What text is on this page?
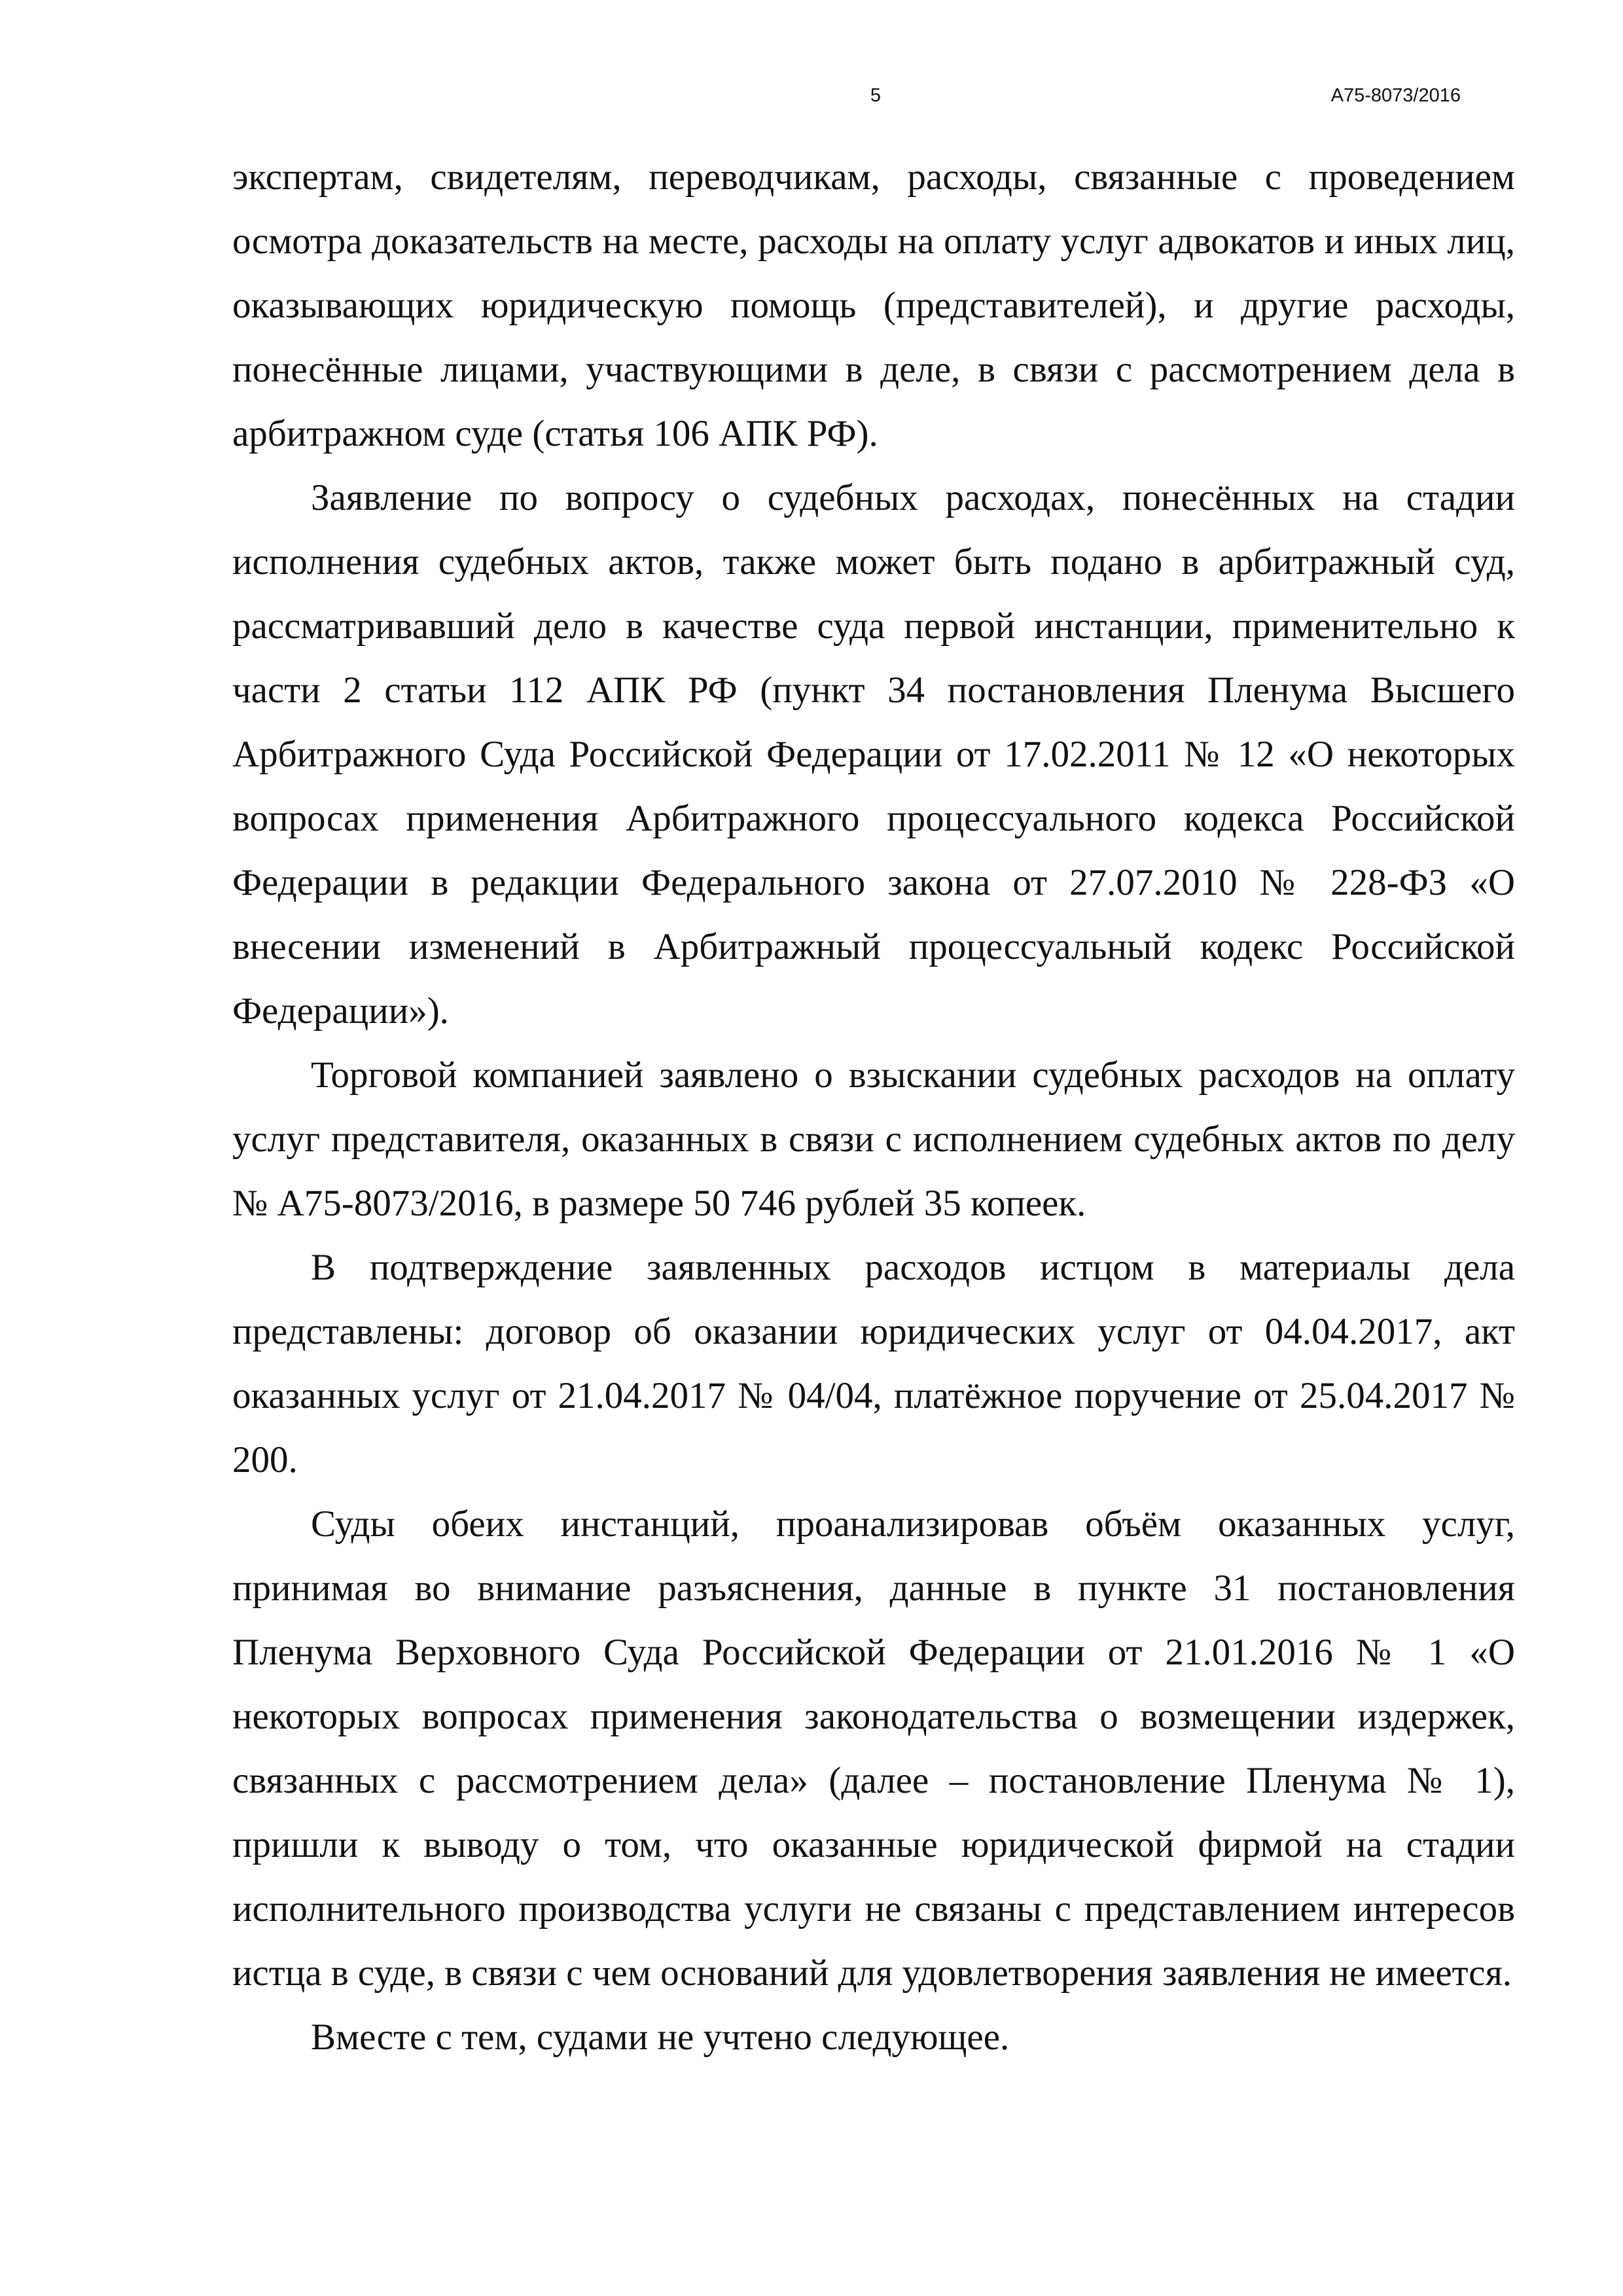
5	А75-8073/2016

экспертам, свидетелям, переводчикам, расходы, связанные с проведением осмотра доказательств на месте, расходы на оплату услуг адвокатов и иных лиц, оказывающих юридическую помощь (представителей), и другие расходы, понесённые лицами, участвующими в деле, в связи с рассмотрением дела в арбитражном суде (статья 106 АПК РФ).

Заявление по вопросу о судебных расходах, понесённых на стадии исполнения судебных актов, также может быть подано в арбитражный суд, рассматривавший дело в качестве суда первой инстанции, применительно к части 2 статьи 112 АПК РФ (пункт 34 постановления Пленума Высшего Арбитражного Суда Российской Федерации от 17.02.2011 № 12 «О некоторых вопросах применения Арбитражного процессуального кодекса Российской Федерации в редакции Федерального закона от 27.07.2010 № 228-ФЗ «О внесении изменений в Арбитражный процессуальный кодекс Российской Федерации»).

Торговой компанией заявлено о взыскании судебных расходов на оплату услуг представителя, оказанных в связи с исполнением судебных актов по делу № А75-8073/2016, в размере 50 746 рублей 35 копеек.

В подтверждение заявленных расходов истцом в материалы дела представлены: договор об оказании юридических услуг от 04.04.2017, акт оказанных услуг от 21.04.2017 № 04/04, платёжное поручение от 25.04.2017 № 200.

Суды обеих инстанций, проанализировав объём оказанных услуг, принимая во внимание разъяснения, данные в пункте 31 постановления Пленума Верховного Суда Российской Федерации от 21.01.2016 № 1 «О некоторых вопросах применения законодательства о возмещении издержек, связанных с рассмотрением дела» (далее – постановление Пленума № 1), пришли к выводу о том, что оказанные юридической фирмой на стадии исполнительного производства услуги не связаны с представлением интересов истца в суде, в связи с чем оснований для удовлетворения заявления не имеется.

Вместе с тем, судами не учтено следующее.
